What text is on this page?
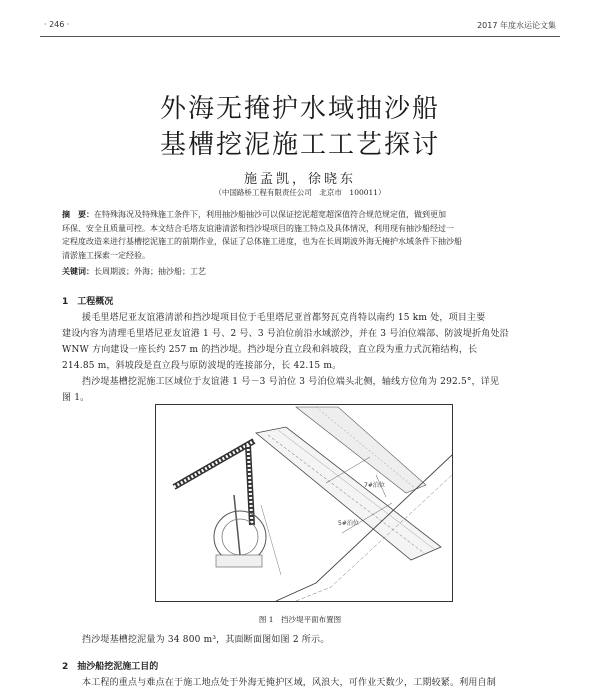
· 246 ·	2017 年度水运论文集
外海无掩护水域抽沙船
基槽挖泥施工工艺探讨
施孟凯，徐晓东
（中国路桥工程有限责任公司　北京市　100011）
摘　要：在特殊海况及特殊施工条件下，利用抽沙船抽沙可以保证挖泥超宽超深值符合规范规定值，做到更加
环保、安全且质量可控。本文结合毛塔友谊港清淤和挡沙堤项目的施工特点及具体情况，利用现有抽沙船经过一
定程度改造来进行基槽挖泥施工的前期作业，保证了总体施工进度，也为在长周期波外海无掩护水域条件下抽沙船
清淤施工探索一定经验。
关键词：长周期波；外海；抽沙船；工艺
1　工程概况
援毛里塔尼亚友谊港清淤和挡沙堤项目位于毛里塔尼亚首都努瓦克肖特以南约 15 km 处，项目主要
建设内容为清理毛里塔尼亚友谊港 1 号、2 号、3 号泊位前沿水域淤沙，并在 3 号泊位端部、防波堤折角处沿
WNW 方向建设一座长约 257 m 的挡沙堤。挡沙堤分直立段和斜坡段，直立段为重力式沉箱结构，长
214.85 m，斜坡段是直立段与原防波堤的连接部分，长 42.15 m。
挡沙堤基槽挖泥施工区域位于友谊港 1 号－3 号泊位 3 号泊位端头北侧，轴线方位角为 292.5°，详见
图 1。
7#泊位
5#泊位
图 1　挡沙堤平面布置图
挡沙堤基槽挖泥量为 34 800 m³，其面断面图如图 2 所示。
2　抽沙船挖泥施工目的
本工程的重点与难点在于施工地点处于外海无掩护区域，风浪大，可作业天数少，工期较紧。利用自制
